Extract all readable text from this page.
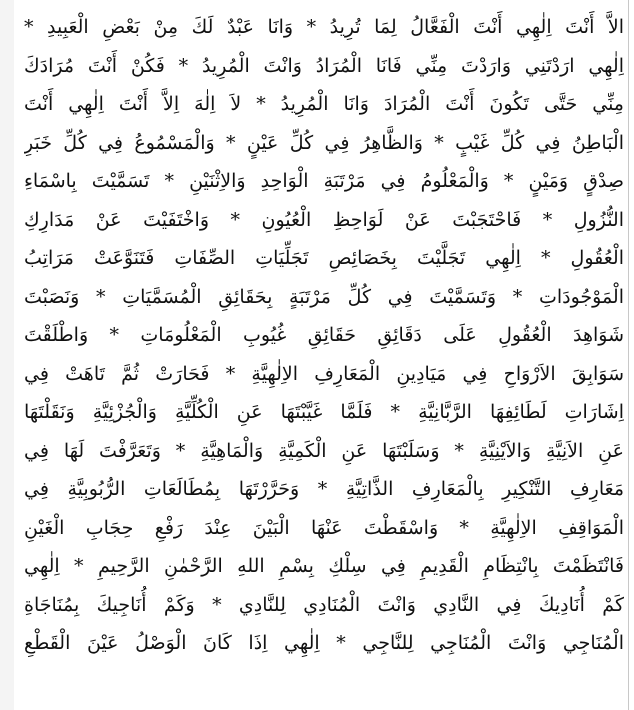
الاَّ أَنْتَ اِلٰهِي أَنْتَ الْفَعَّالُ لِمَا تُرِيدُ * وَانَا عَبْدٌ لَكَ مِنْ بَعْضِ الْعَبِيدِ *
اِلٰهِي ارَدْتَنِي وَارَدْتَ مِنِّي فَانَا الْمُرَادُ وَانْتَ الْمُرِيدُ * فَكُنْ أَنْتَ مُرَادَكَ
مِنِّي حَتَّى تَكُونَ أَنْتَ الْمُرَادَ وَانَا الْمُرِيدُ * لاَ اِلٰهَ اِلاَّ أَنْتَ اِلٰهِي أَنْتَ
الْبَاطِنُ فِي كُلِّ غَيْبٍ * وَالظَّاهِرُ فِي كُلِّ عَيْنٍ * وَالْمَسْمُوعُ فِي كُلِّ خَبَرِ
صِدْقٍ وَمَيْنٍ * وَالْمَعْلُومُ فِي مَرْتَبَةِ الْوَاحِدِ وَالاِثْنَيْنِ * تَسَمَّيْتَ بِاسْمَاءِ
النُّزُولِ * فَاحْتَجَبْتَ عَنْ لَوَاحِظِ الْعُيُونِ * وَاخْتَفَيْتَ عَنْ مَدَارِكِ
الْعُقُولِ * اِلٰهِي تَجَلَّيْتَ بِخَصَائِصِ تَجَلِّيَاتِ الصِّفَاتِ فَتَنَوَّعَتْ مَرَاتِبُ
الْمَوْجُودَاتِ * وَتَسَمَّيْتَ فِي كُلِّ مَرْتَبَةٍ بِحَقَائِقِ الْمُسَمَّيَاتِ * وَنَصَبْتَ
شَوَاهِدَ الْعُقُولِ عَلَى دَقَائِقِ حَقَائِقِ غُيُوبِ الْمَعْلُومَاتِ * وَاطْلَقْتَ
سَوَابِقَ الاَرْوَاحِ فِي مَيَادِينِ الْمَعَارِفِ الاِلٰهِيَّةِ * فَحَارَتْ ثُمَّ تَاهَتْ فِي
اِشَارَاتِ لَطَائِفِهَا الرَّبَّانِيَّةِ * فَلَمَّا غَيَّبْتَهَا عَنِ الْكُلِّيَّةِ وَالْجُزْئِيَّةِ وَنَقَلْتَهَا
عَنِ الاَنِيَّةِ وَالاَيْنِيَّةِ * وَسَلَبْتَهَا عَنِ الْكَمِيَّةِ وَالْمَاهِيَّةِ * وَتَعَرَّفْتَ لَهَا فِي
مَعَارِفِ التَّنْكِيرِ بِالْمَعَارِفِ الذَّاتِيَّةِ * وَحَرَّرْتَهَا بِمُطَالَعَاتِ الرُّبُوبِيَّةِ فِي
الْمَوَاقِفِ الاِلٰهِيَّةِ * وَاسْقَطْتَ عَنْهَا الْبَيْنَ عِنْدَ رَفْعِ حِجَابِ الْغَيْنِ
فَانْتَظَمْتَ بِانْتِظَامِ الْقَدِيمِ فِي سِلْكِ بِسْمِ اللهِ الرَّحْمٰنِ الرَّحِيمِ * اِلٰهِي
كَمْ أُنَادِيكَ فِي النَّادِي وَانْتَ الْمُنَادِي لِلنَّادِي * وَكَمْ أُنَاجِيكَ بِمُنَاجَاةِ
الْمُنَاجِي وَانْتَ الْمُنَاجِي لِلنَّاجِي * اِلٰهِي اِذَا كَانَ الْوَصْلُ عَيْنَ الْقَطْعِ
